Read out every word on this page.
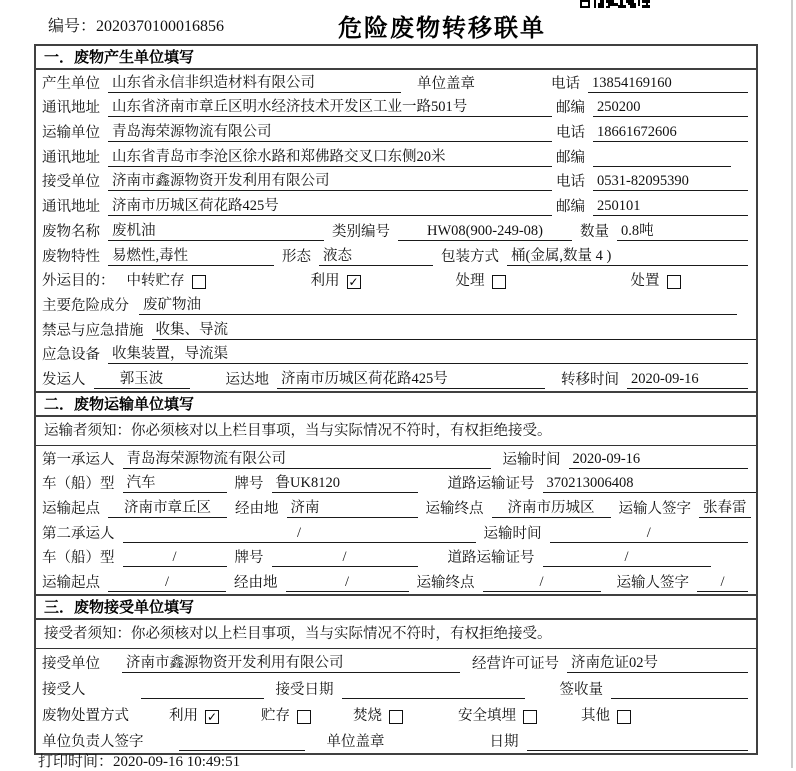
编号：2020370100016856	危险废物转移联单
一．废物产生单位填写
产生单位 山东省永信非织造材料有限公司	单位盖章	电话 13854169160
通讯地址 山东省济南市章丘区明水经济技术开发区工业一路501号	邮编 250200
运输单位 青岛海荣源物流有限公司	电话 18661672606
通讯地址 山东省青岛市李沧区徐水路和郑佛路交叉口东侧20米	邮编
接受单位 济南市鑫源物资开发利用有限公司	电话 0531-82095390
通讯地址 济南市历城区荷花路425号	邮编 250101
废物名称 废机油	类别编号	HW08(900-249-08)	数量 0.8吨
废物特性 易燃性,毒性	形态 液态	包装方式 桶(金属,数量 4 )
外运目的： 中转贮存	利用 ✓	处理	处置
主要危险成分 废矿物油
禁忌与应急措施 收集、导流
应急设备 收集装置，导流渠
发运人	郭玉波	运达地 济南市历城区荷花路425号	转移时间 2020-09-16
二．废物运输单位填写
运输者须知：你必须核对以上栏目事项，当与实际情况不符时，有权拒绝接受。
第一承运人 青岛海荣源物流有限公司	运输时间 2020-09-16
车（船）型 汽车	牌号 鲁UK8120	道路运输证号 370213006408
运输起点	济南市章丘区	经由地 济南	运输终点	济南市历城区	运输人签字 张春雷
第二承运人	/	运输时间	/
车（船）型	/	牌号	/	道路运输证号	/
运输起点	/	经由地	/	运输终点	/	运输人签字	/
三．废物接受单位填写
接受者须知：你必须核对以上栏目事项，当与实际情况不符时，有权拒绝接受。
接受单位 济南市鑫源物资开发利用有限公司	经营许可证号 济南危证02号
接受人	接受日期	签收量
废物处置方式	利用 ✓	贮存	焚烧	安全填埋	其他
单位负责人签字	单位盖章	日期
打印时间：2020-09-16 10:49:51
